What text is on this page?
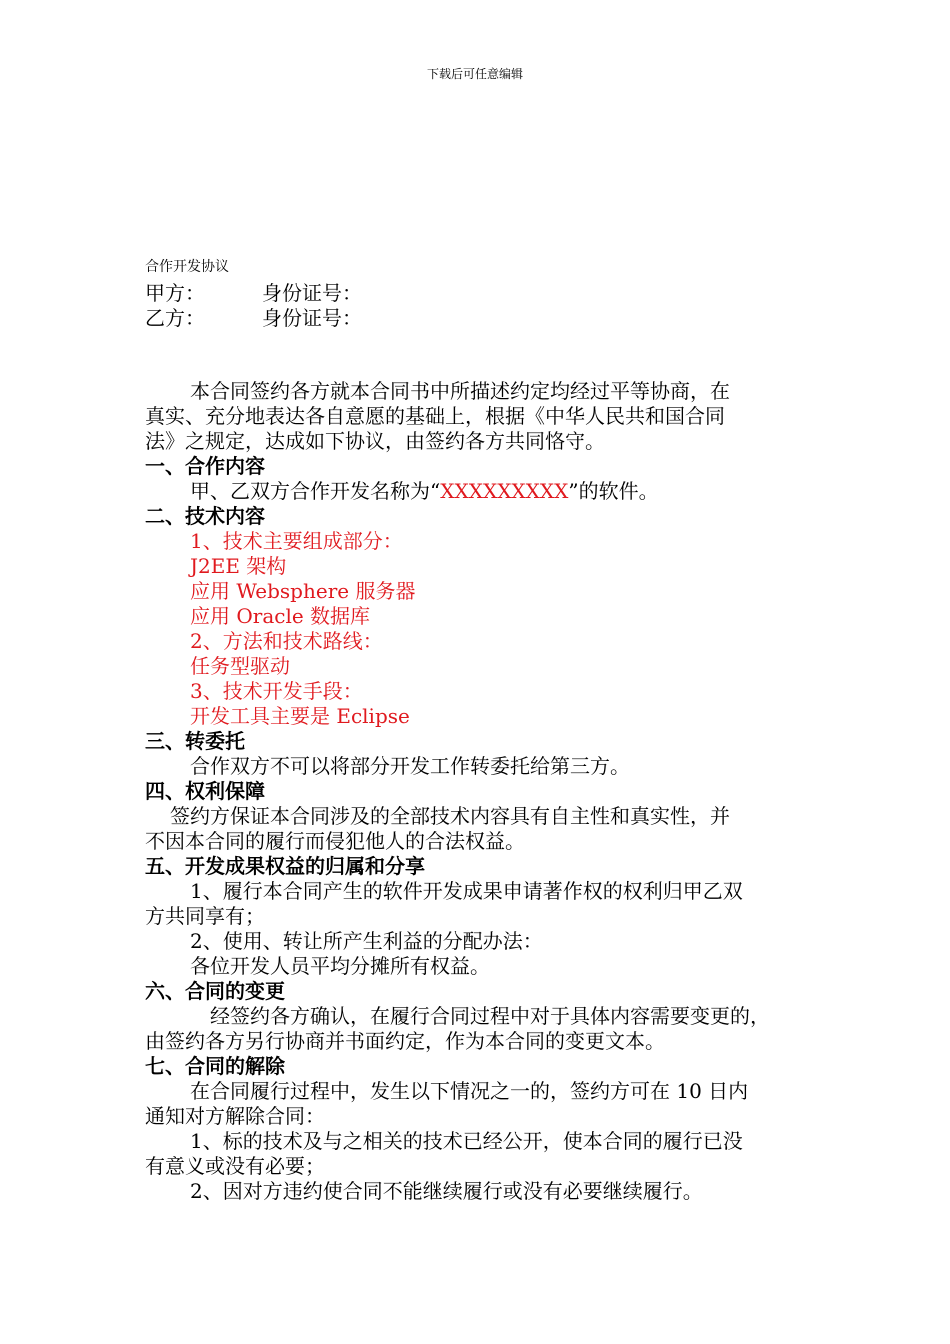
下载后可任意编辑
合作开发协议
甲方：	身份证号：
乙方：	身份证号：
本合同签约各方就本合同书中所描述约定均经过平等协商，在
真实、充分地表达各自意愿的基础上，根据《中华人民共和国合同
法》之规定，达成如下协议，由签约各方共同恪守。
一、合作内容
甲、乙双方合作开发名称为“XXXXXXXXX”的软件。
二、技术内容
1、技术主要组成部分：
J2EE 架构
应用 Websphere 服务器
应用 Oracle 数据库
2、方法和技术路线：
任务型驱动
3、技术开发手段：
开发工具主要是 Eclipse
三、转委托
合作双方不可以将部分开发工作转委托给第三方。
四、权利保障
签约方保证本合同涉及的全部技术内容具有自主性和真实性，并
不因本合同的履行而侵犯他人的合法权益。
五、开发成果权益的归属和分享
1、履行本合同产生的软件开发成果申请著作权的权利归甲乙双
方共同享有；
2、使用、转让所产生利益的分配办法：
各位开发人员平均分摊所有权益。
六、合同的变更
经签约各方确认，在履行合同过程中对于具体内容需要变更的，
由签约各方另行协商并书面约定，作为本合同的变更文本。
七、合同的解除
在合同履行过程中，发生以下情况之一的，签约方可在 10 日内
通知对方解除合同：
1、标的技术及与之相关的技术已经公开，使本合同的履行已没
有意义或没有必要；
2、因对方违约使合同不能继续履行或没有必要继续履行。
